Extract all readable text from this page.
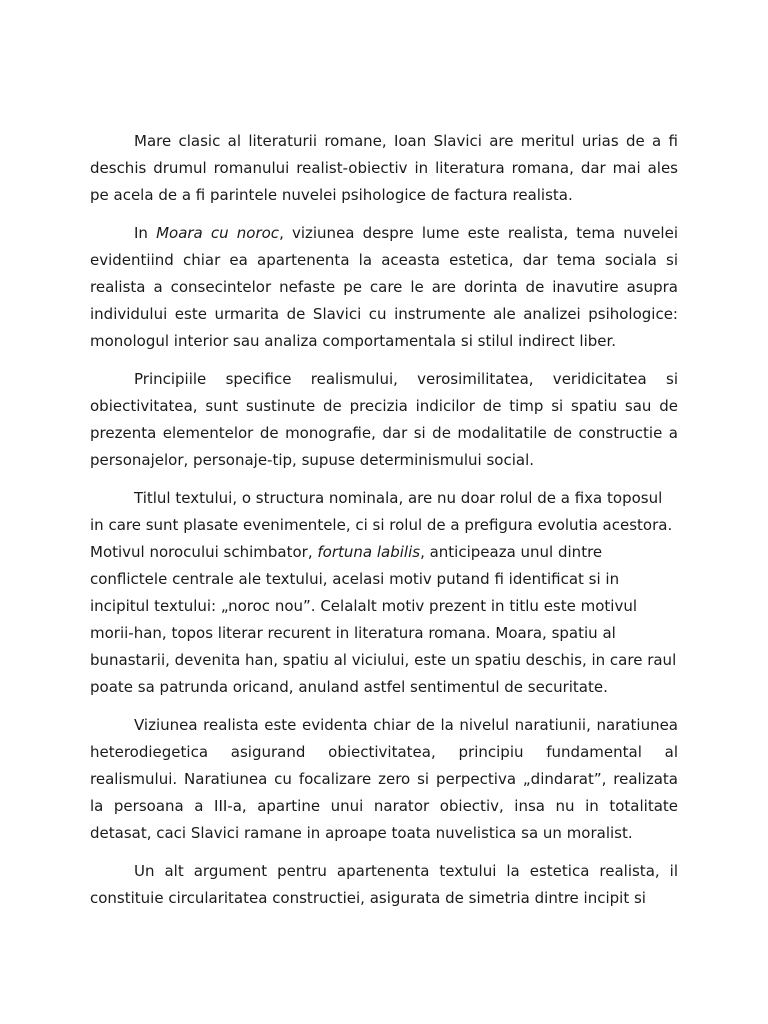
Mare clasic al literaturii romane, Ioan Slavici are meritul urias de a fi deschis drumul romanului realist-obiectiv in literatura romana, dar mai ales pe acela de a fi parintele nuvelei psihologice de factura realista.

In Moara cu noroc, viziunea despre lume este realista, tema nuvelei evidentiind chiar ea apartenenta la aceasta estetica, dar tema sociala si realista a consecintelor nefaste pe care le are dorinta de inavutire asupra individului este urmarita de Slavici cu instrumente ale analizei psihologice: monologul interior sau analiza comportamentala si stilul indirect liber.

Principiile specifice realismului, verosimilitatea, veridicitatea si obiectivitatea, sunt sustinute de precizia indicilor de timp si spatiu sau de prezenta elementelor de monografie, dar si de modalitatile de constructie a personajelor, personaje-tip, supuse determinismului social.

Titlul textului, o structura nominala, are nu doar rolul de a fixa toposul in care sunt plasate evenimentele, ci si rolul de a prefigura evolutia acestora. Motivul norocului schimbator, fortuna labilis, anticipeaza unul dintre conflictele centrale ale textului, acelasi motiv putand fi identificat si in incipitul textului: „noroc nou”. Celalalt motiv prezent in titlu este motivul morii-han, topos literar recurent in literatura romana. Moara, spatiu al bunastarii, devenita han, spatiu al viciului, este un spatiu deschis, in care raul poate sa patrunda oricand, anuland astfel sentimentul de securitate.

Viziunea realista este evidenta chiar de la nivelul naratiunii, naratiunea heterodiegetica asigurand obiectivitatea, principiu fundamental al realismului. Naratiunea cu focalizare zero si perpectiva „dindarat”, realizata la persoana a III-a, apartine unui narator obiectiv, insa nu in totalitate detasat, caci Slavici ramane in aproape toata nuvelistica sa un moralist.

Un alt argument pentru apartenenta textului la estetica realista, il constituie circularitatea constructiei, asigurata de simetria dintre incipit si
